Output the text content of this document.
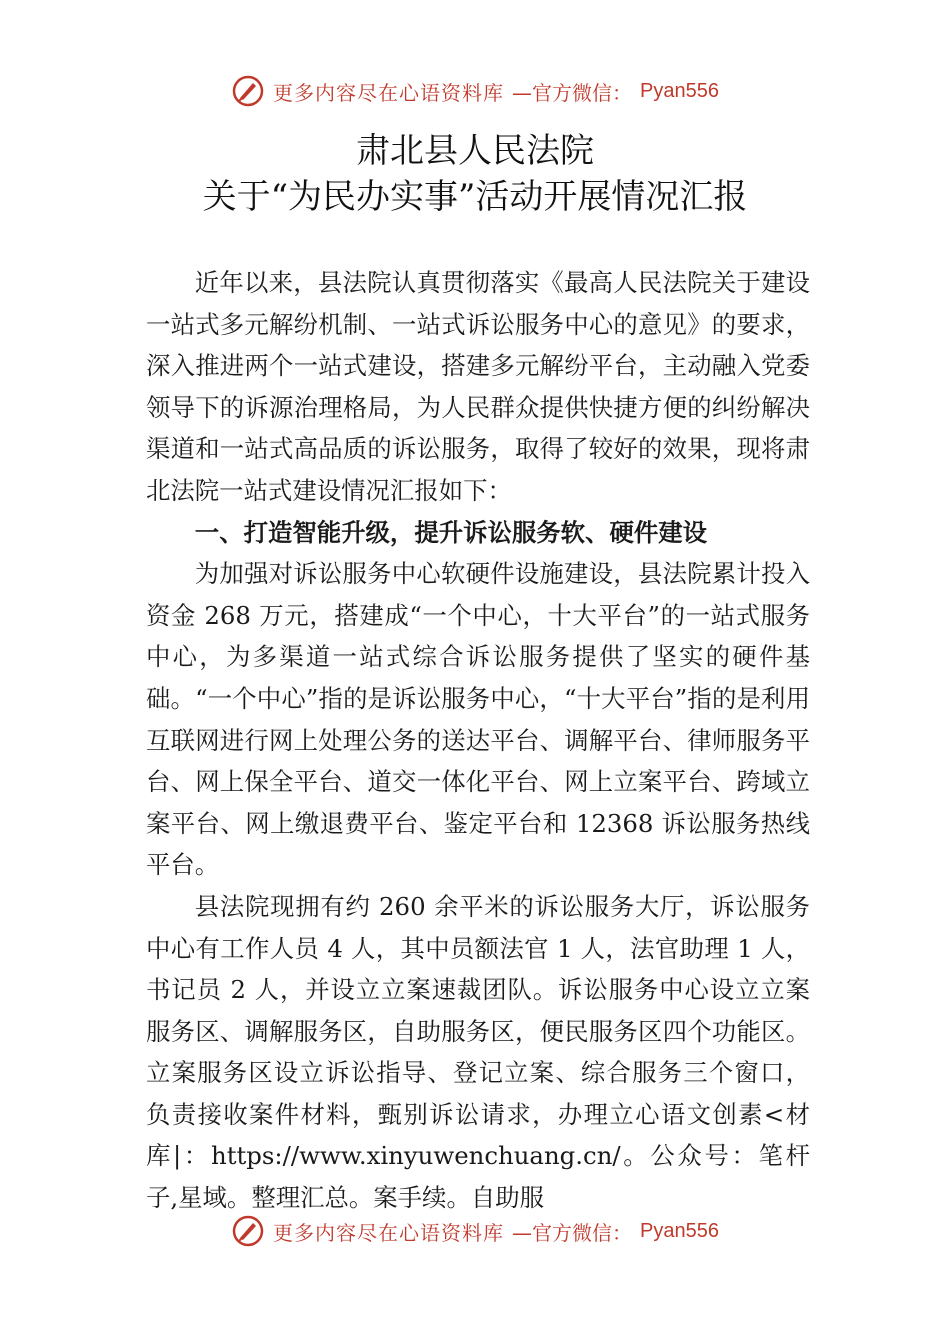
更多内容尽在心语资料库 —官方微信： Pyan556
肃北县人民法院
关于“为民办实事”活动开展情况汇报

近年以来，县法院认真贯彻落实《最高人民法院关于建设一站式多元解纷机制、一站式诉讼服务中心的意见》的要求，深入推进两个一站式建设，搭建多元解纷平台，主动融入党委领导下的诉源治理格局，为人民群众提供快捷方便的纠纷解决渠道和一站式高品质的诉讼服务，取得了较好的效果，现将肃北法院一站式建设情况汇报如下：

一、打造智能升级，提升诉讼服务软、硬件建设

为加强对诉讼服务中心软硬件设施建设，县法院累计投入资金 268 万元，搭建成“一个中心，十大平台”的一站式服务中心，为多渠道一站式综合诉讼服务提供了坚实的硬件基础。“一个中心”指的是诉讼服务中心，“十大平台”指的是利用互联网进行网上处理公务的送达平台、调解平台、律师服务平台、网上保全平台、道交一体化平台、网上立案平台、跨域立案平台、网上缴退费平台、鉴定平台和 12368 诉讼服务热线平台。

县法院现拥有约 260 余平米的诉讼服务大厅，诉讼服务中心有工作人员 4 人，其中员额法官 1 人，法官助理 1 人，书记员 2 人，并设立立案速裁团队。诉讼服务中心设立立案服务区、调解服务区，自助服务区，便民服务区四个功能区。立案服务区设立诉讼指导、登记立案、综合服务三个窗口， 负责接收案件材料，甄别诉讼请求，办理立心语文创素<材库|：https://www.xinyuwenchuang.cn/。公众号：笔杆子,星域。整理汇总。案手续。自助服

更多内容尽在心语资料库 —官方微信： Pyan556
